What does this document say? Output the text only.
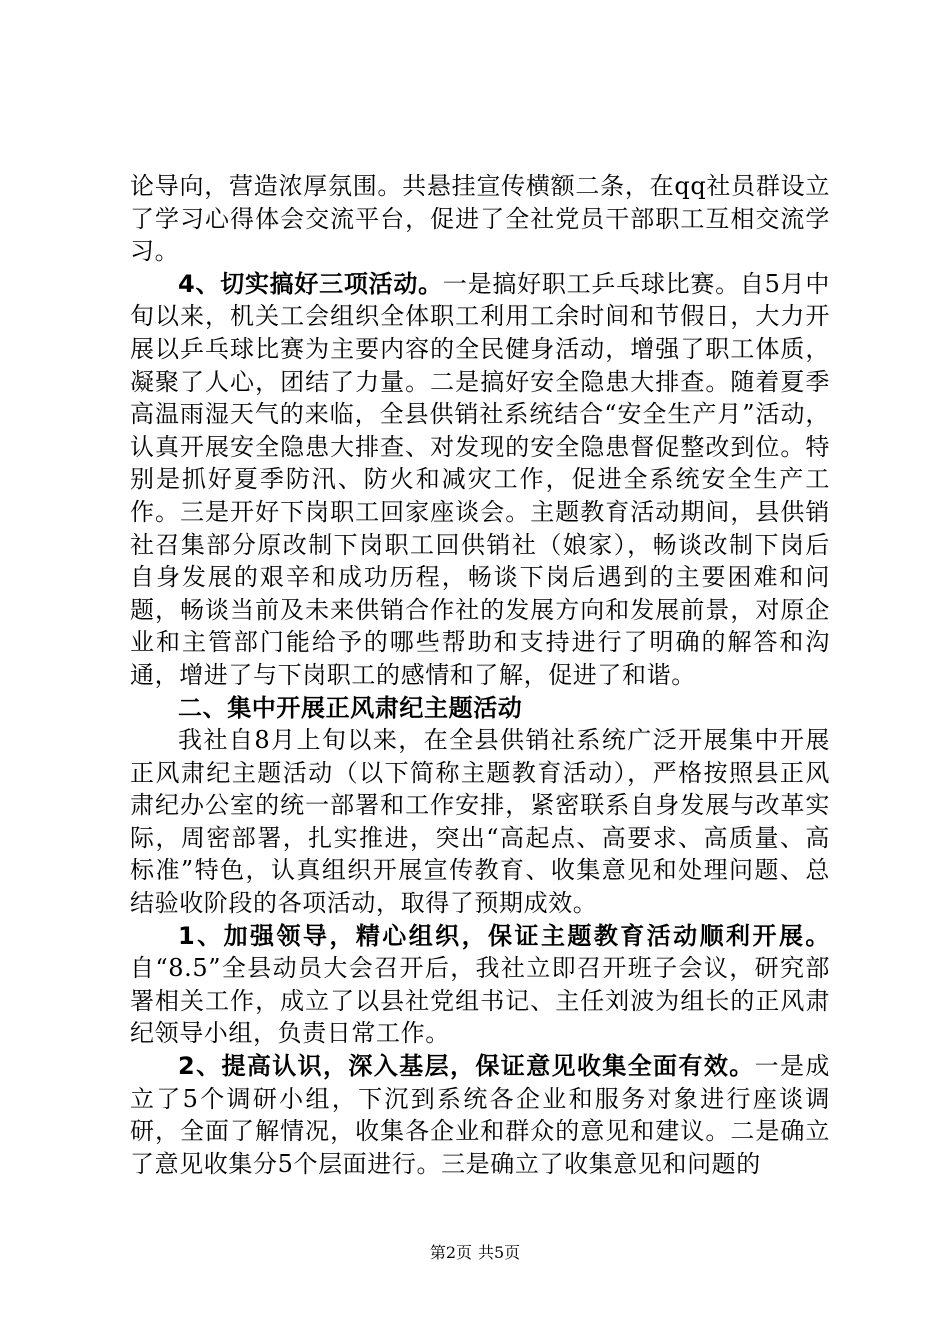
论导向，营造浓厚氛围。共悬挂宣传横额二条，在qq社员群设立了学习心得体会交流平台，促进了全社党员干部职工互相交流学习。

4、切实搞好三项活动。一是搞好职工乒乓球比赛。自5月中旬以来，机关工会组织全体职工利用工余时间和节假日，大力开展以乒乓球比赛为主要内容的全民健身活动，增强了职工体质，凝聚了人心，团结了力量。二是搞好安全隐患大排查。随着夏季高温雨湿天气的来临，全县供销社系统结合“安全生产月”活动，认真开展安全隐患大排查、对发现的安全隐患督促整改到位。特别是抓好夏季防汛、防火和减灾工作，促进全系统安全生产工作。三是开好下岗职工回家座谈会。主题教育活动期间，县供销社召集部分原改制下岗职工回供销社（娘家），畅谈改制下岗后自身发展的艰辛和成功历程，畅谈下岗后遇到的主要困难和问题，畅谈当前及未来供销合作社的发展方向和发展前景，对原企业和主管部门能给予的哪些帮助和支持进行了明确的解答和沟通，增进了与下岗职工的感情和了解，促进了和谐。

二、集中开展正风肃纪主题活动

我社自8月上旬以来，在全县供销社系统广泛开展集中开展正风肃纪主题活动（以下简称主题教育活动），严格按照县正风肃纪办公室的统一部署和工作安排，紧密联系自身发展与改革实际，周密部署，扎实推进，突出“高起点、高要求、高质量、高标准”特色，认真组织开展宣传教育、收集意见和处理问题、总结验收阶段的各项活动，取得了预期成效。

1、加强领导，精心组织，保证主题教育活动顺利开展。自“8.5”全县动员大会召开后，我社立即召开班子会议，研究部署相关工作，成立了以县社党组书记、主任刘波为组长的正风肃纪领导小组，负责日常工作。

2、提高认识，深入基层，保证意见收集全面有效。一是成立了5个调研小组，下沉到系统各企业和服务对象进行座谈调研，全面了解情况，收集各企业和群众的意见和建议。二是确立了意见收集分5个层面进行。三是确立了收集意见和问题的

第2页 共5页
